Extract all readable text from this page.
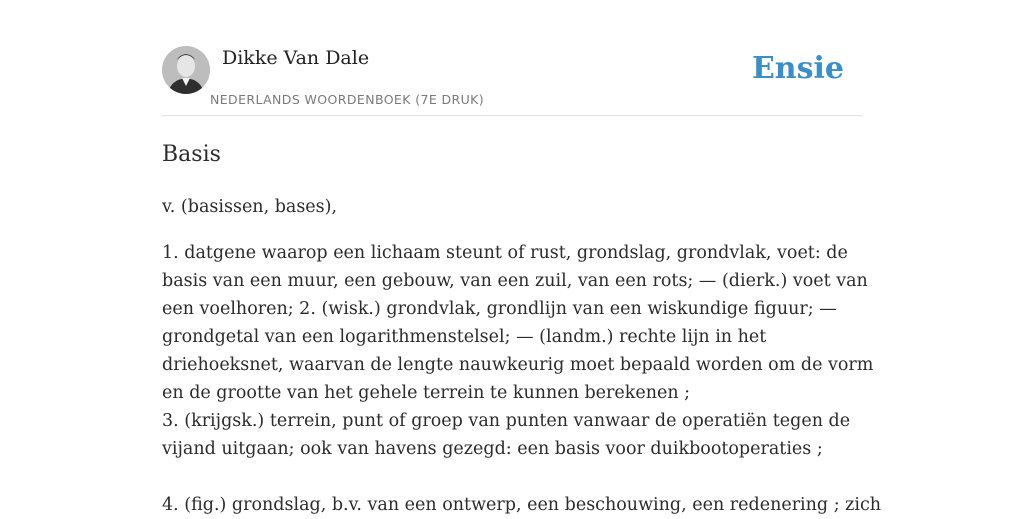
Dikke Van Dale
NEDERLANDS WOORDENBOEK (7E DRUK)
Ensie
Basis
v. (basissen, bases),

1. datgene waarop een lichaam steunt of rust, grondslag, grondvlak, voet: de

basis van een muur, een gebouw, van een zuil, van een rots; — (dierk.) voet van

een voelhoren; 2. (wisk.) grondvlak, grondlijn van een wiskundige figuur; —

grondgetal van een logarithmenstelsel; — (landm.) rechte lijn in het

driehoeksnet, waarvan de lengte nauwkeurig moet bepaald worden om de vorm

en de grootte van het gehele terrein te kunnen berekenen ;

3. (krijgsk.) terrein, punt of groep van punten vanwaar de operatiën tegen de

vijand uitgaan; ook van havens gezegd: een basis voor duikbootoperaties ;

4. (fig.) grondslag, b.v. van een ontwerp, een beschouwing, een redenering ; zich
